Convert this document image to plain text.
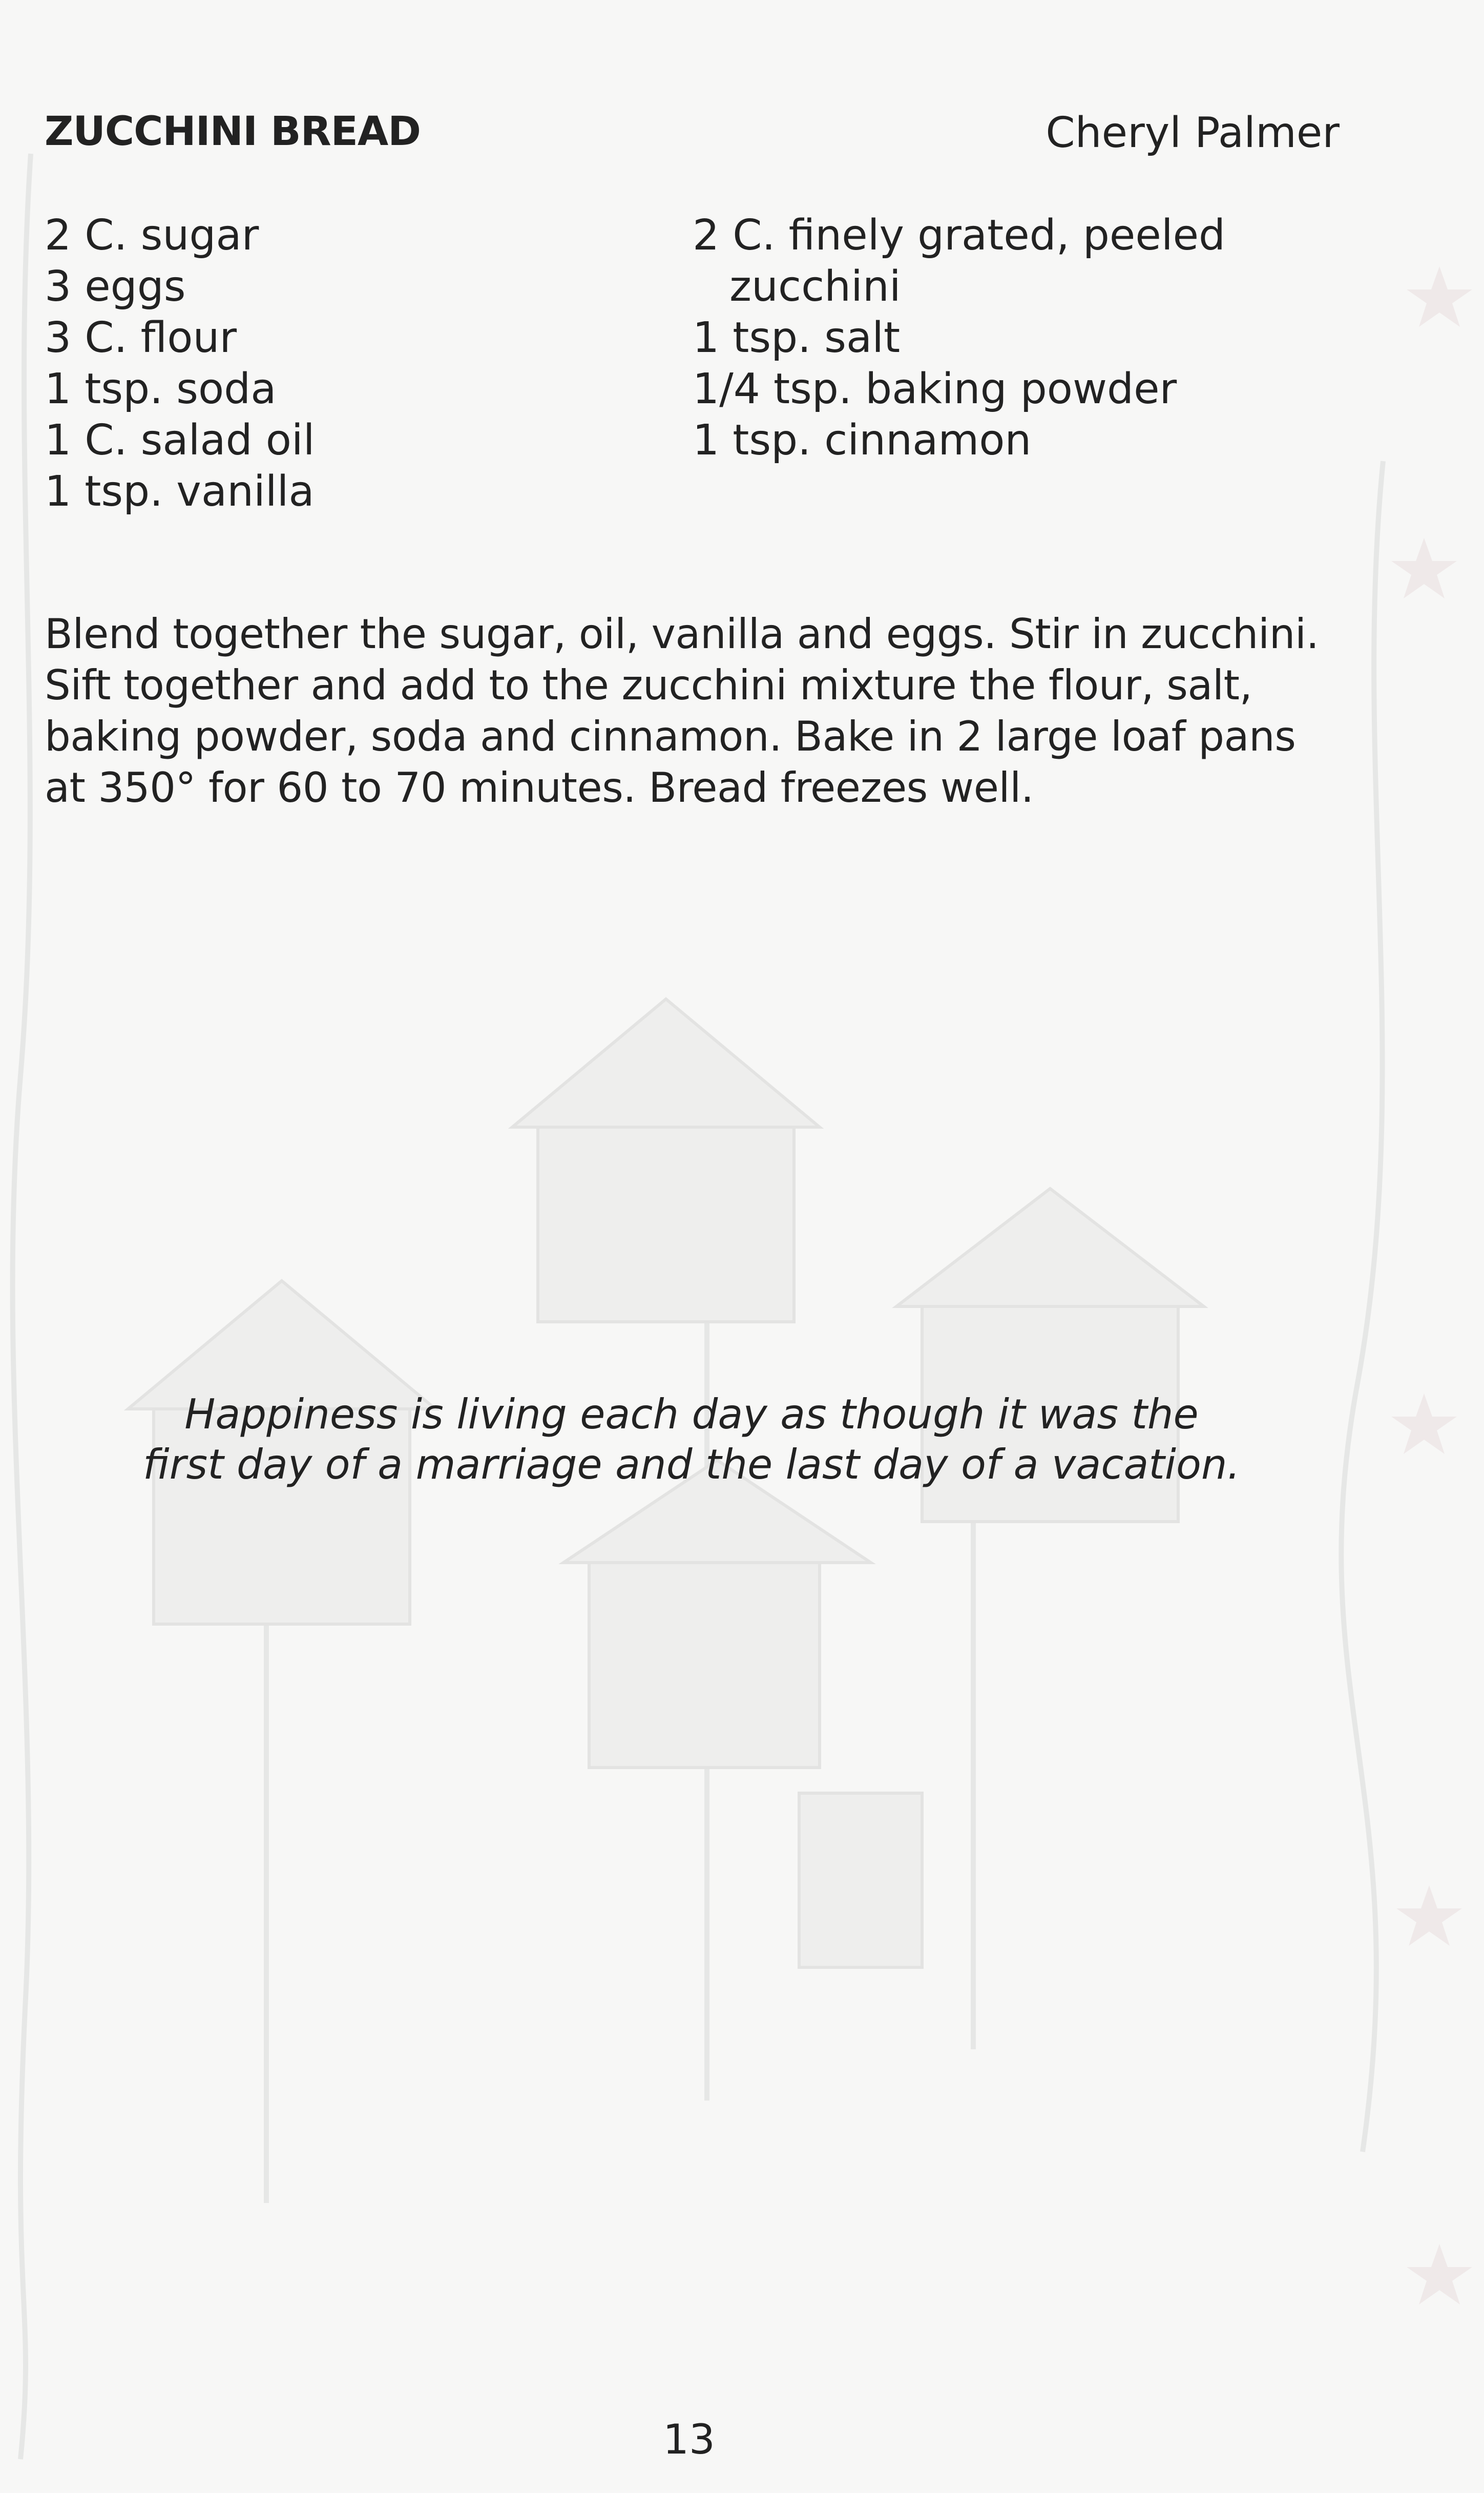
ZUCCHINI BREAD	Cheryl Palmer
2 C. sugar
3 eggs
3 C. flour
1 tsp. soda
1 C. salad oil
1 tsp. vanilla
2 C. finely grated, peeled
zucchini
1 tsp. salt
1/4 tsp. baking powder
1 tsp. cinnamon

Blend together the sugar, oil, vanilla and eggs. Stir in zucchini. Sift together and add to the zucchini mixture the flour, salt, baking powder, soda and cinnamon. Bake in 2 large loaf pans at 350° for 60 to 70 minutes. Bread freezes well.

Happiness is living each day as though it was the
first day of a marriage and the last day of a vacation.
13
